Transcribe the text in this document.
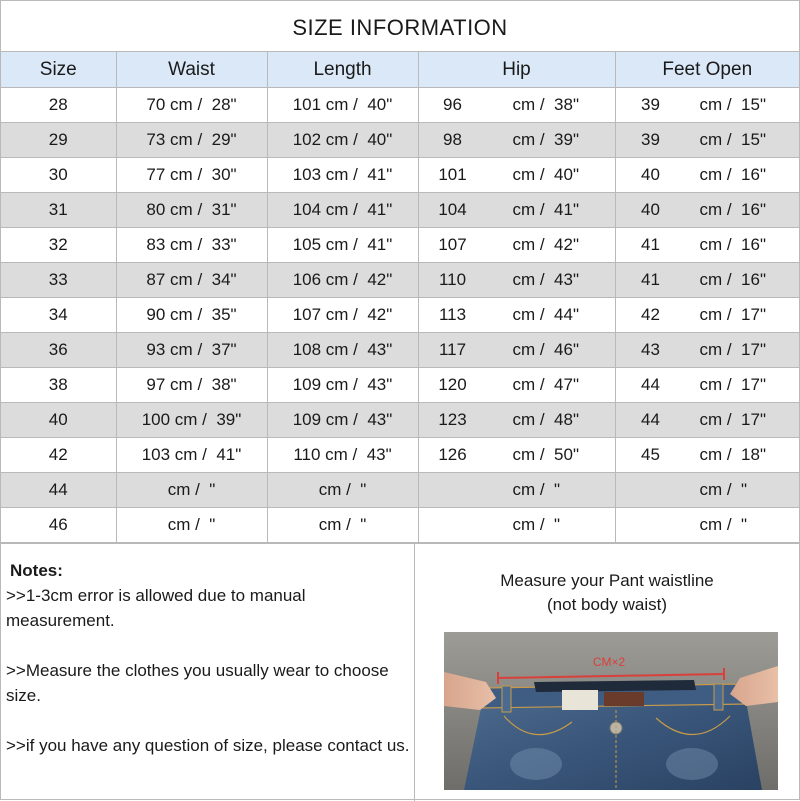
SIZE INFORMATION
Size	Waist	Length	Hip	Feet Open
28	70 cm /  28"	101 cm /  40"	96 cm /  38"	39 cm /  15"

29	73 cm /  29"	102 cm /  40"	98 cm /  39"	39 cm /  15"

30	77 cm /  30"	103 cm /  41"	101 cm /  40"	40 cm /  16"

31	80 cm /  31"	104 cm /  41"	104 cm /  41"	40 cm /  16"

32	83 cm /  33"	105 cm /  41"	107 cm /  42"	41 cm /  16"

33	87 cm /  34"	106 cm /  42"	110 cm /  43"	41 cm /  16"

34	90 cm /  35"	107 cm /  42"	113 cm /  44"	42 cm /  17"

36	93 cm /  37"	108 cm /  43"	117 cm /  46"	43 cm /  17"

38	97 cm /  38"	109 cm /  43"	120 cm /  47"	44 cm /  17"

40	100 cm /  39"	109 cm /  43"	123 cm /  48"	44 cm /  17"

42	103 cm /  41"	110 cm /  43"	126 cm /  50"	45 cm /  18"

44	cm /  "	cm /  "	cm /  "	cm /  "

46	cm /  "	cm /  "	cm /  "	cm /  "
Notes:

>>1-3cm error is allowed due to manual measurement.

>>Measure the clothes you usually wear to choose size.

>>if you have any question of size, please contact us.

Measure your Pant waistline
(not body waist)
CM×2
